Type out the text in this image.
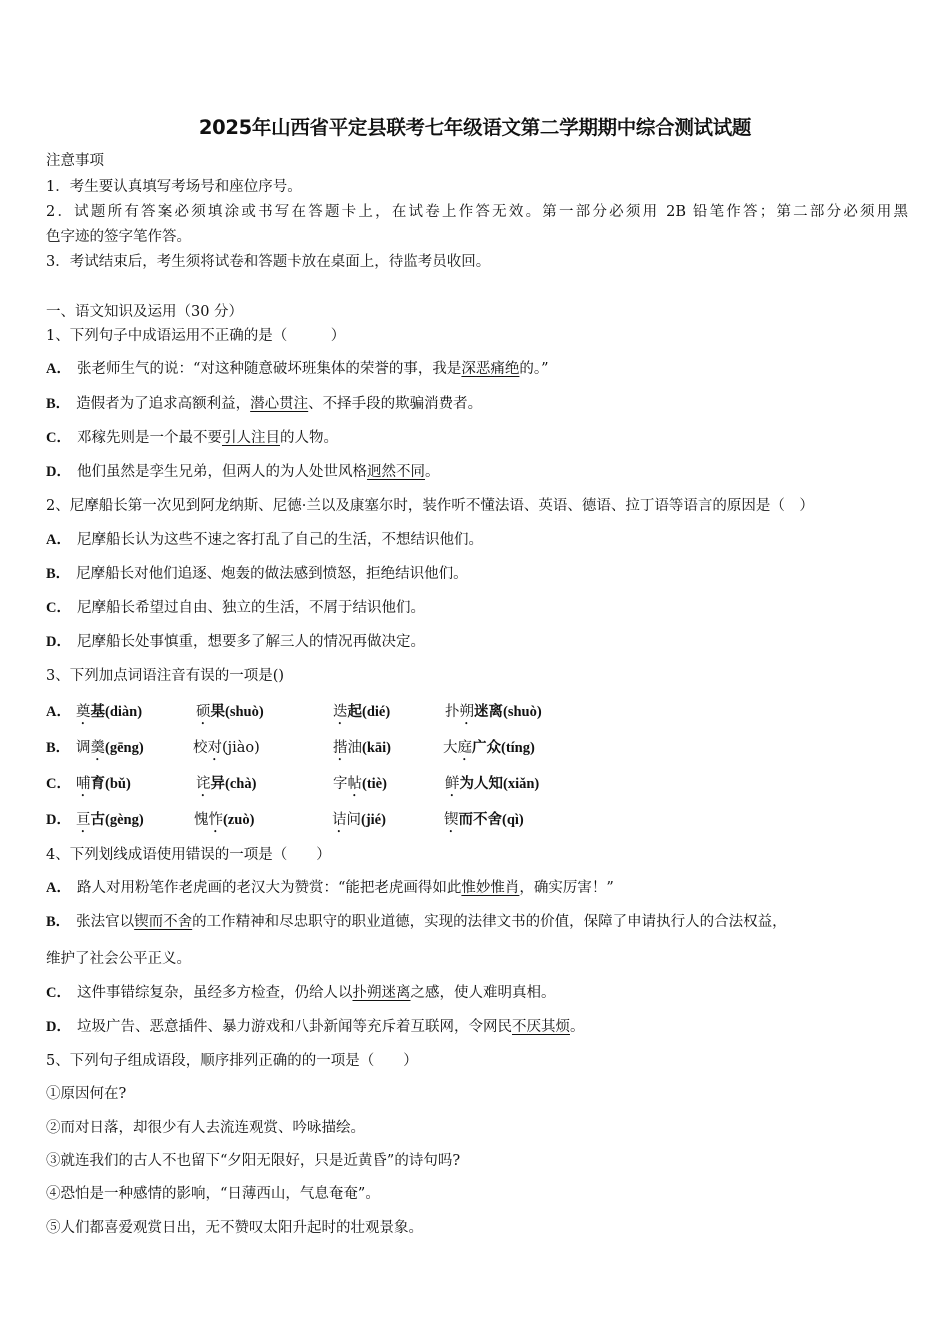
2025年山西省平定县联考七年级语文第二学期期中综合测试试题
注意事项
1．考生要认真填写考场号和座位序号。
2．试题所有答案必须填涂或书写在答题卡上，在试卷上作答无效。第一部分必须用 2B 铅笔作答；第二部分必须用黑
色字迹的签字笔作答。
3．考试结束后，考生须将试卷和答题卡放在桌面上，待监考员收回。
一、语文知识及运用（30 分）
1、下列句子中成语运用不正确的是（　　　）
A． 张老师生气的说：“对这种随意破坏班集体的荣誉的事，我是深恶痛绝的。”
B． 造假者为了追求高额利益，潜心贯注、不择手段的欺骗消费者。
C． 邓稼先则是一个最不要引人注目的人物。
D． 他们虽然是孪生兄弟，但两人的为人处世风格迥然不同。
2、尼摩船长第一次见到阿龙纳斯、尼德·兰以及康塞尔时，装作听不懂法语、英语、德语、拉丁语等语言的原因是（　）
A． 尼摩船长认为这些不速之客打乱了自己的生活，不想结识他们。
B． 尼摩船长对他们追逐、炮轰的做法感到愤怒，拒绝结识他们。
C． 尼摩船长希望过自由、独立的生活，不屑于结识他们。
D． 尼摩船长处事慎重，想要多了解三人的情况再做决定。
3、下列加点词语注音有误的一项是()
A． 奠基(diàn)	硕果(shuò)	迭起(dié)	扑朔迷离(shuò)
B． 调羹(gēng)	校对(jiào)	揩油(kāi)	大庭广众(tíng)
C． 哺育(bǔ)	诧异(chà)	字帖(tiè)	鲜为人知(xiǎn)
D． 亘古(gèng)	愧怍(zuò)	诘问(jié)	锲而不舍(qì)
4、下列划线成语使用错误的一项是（　　）
A． 路人对用粉笔作老虎画的老汉大为赞赏：“能把老虎画得如此惟妙惟肖，确实厉害！”
B． 张法官以锲而不舍的工作精神和尽忠职守的职业道德，实现的法律文书的价值，保障了申请执行人的合法权益，
维护了社会公平正义。
C． 这件事错综复杂，虽经多方检查，仍给人以扑朔迷离之感，使人难明真相。
D． 垃圾广告、恶意插件、暴力游戏和八卦新闻等充斥着互联网，令网民不厌其烦。
5、下列句子组成语段，顺序排列正确的的一项是（　　）
①原因何在?
②而对日落，却很少有人去流连观赏、吟咏描绘。
③就连我们的古人不也留下“夕阳无限好，只是近黄昏”的诗句吗?
④恐怕是一种感情的影响，“日薄西山，气息奄奄”。
⑤人们都喜爱观赏日出，无不赞叹太阳升起时的壮观景象。
